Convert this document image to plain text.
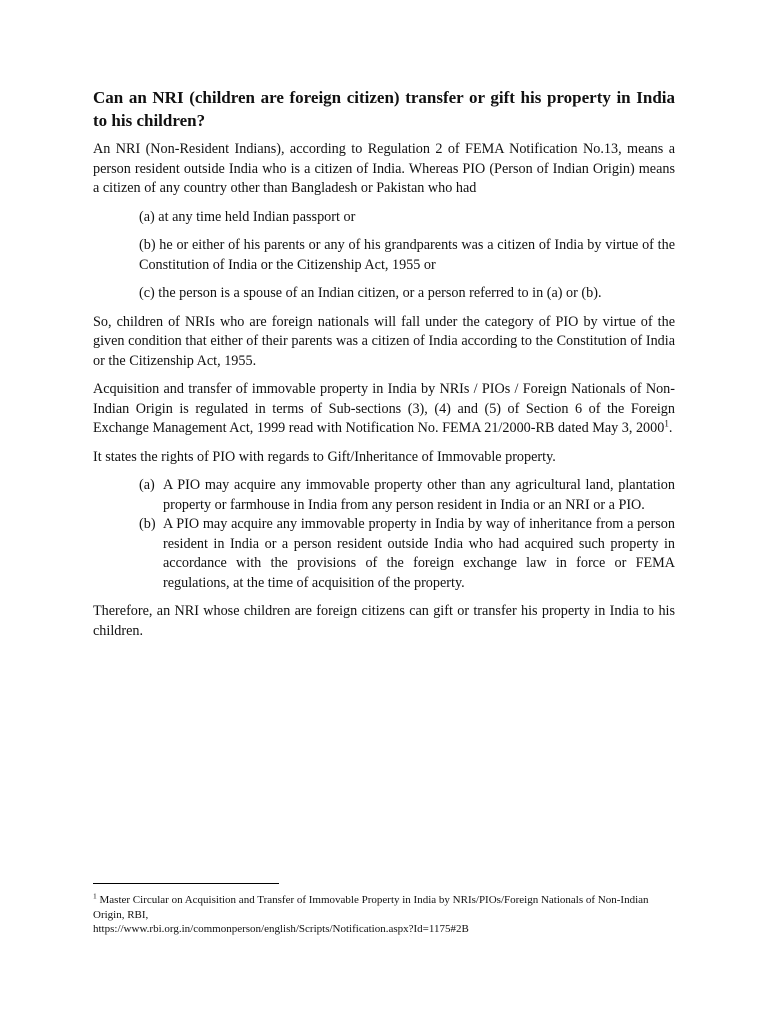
Can an NRI (children are foreign citizen) transfer or gift his property in India to his children?

An NRI (Non-Resident Indians), according to Regulation 2 of FEMA Notification No.13, means a person resident outside India who is a citizen of India. Whereas PIO (Person of Indian Origin) means a citizen of any country other than Bangladesh or Pakistan who had

(a) at any time held Indian passport or

(b) he or either of his parents or any of his grandparents was a citizen of India by virtue of the Constitution of India or the Citizenship Act, 1955 or

(c) the person is a spouse of an Indian citizen, or a person referred to in (a) or (b).

So, children of NRIs who are foreign nationals will fall under the category of PIO by virtue of the given condition that either of their parents was a citizen of India according to the Constitution of India or the Citizenship Act, 1955.

Acquisition and transfer of immovable property in India by NRIs / PIOs / Foreign Nationals of Non-Indian Origin is regulated in terms of Sub-sections (3), (4) and (5) of Section 6 of the Foreign Exchange Management Act, 1999 read with Notification No. FEMA 21/2000-RB dated May 3, 2000$^1$.

It states the rights of PIO with regards to Gift/Inheritance of Immovable property.

(a) A PIO may acquire any immovable property other than any agricultural land, plantation property or farmhouse in India from any person resident in India or an NRI or a PIO.
(b) A PIO may acquire any immovable property in India by way of inheritance from a person resident in India or a person resident outside India who had acquired such property in accordance with the provisions of the foreign exchange law in force or FEMA regulations, at the time of acquisition of the property.

Therefore, an NRI whose children are foreign citizens can gift or transfer his property in India to his children.

$^1$ Master Circular on Acquisition and Transfer of Immovable Property in India by NRIs/PIOs/Foreign Nationals of Non-Indian Origin, RBI,
https://www.rbi.org.in/commonperson/english/Scripts/Notification.aspx?Id=1175#2B
